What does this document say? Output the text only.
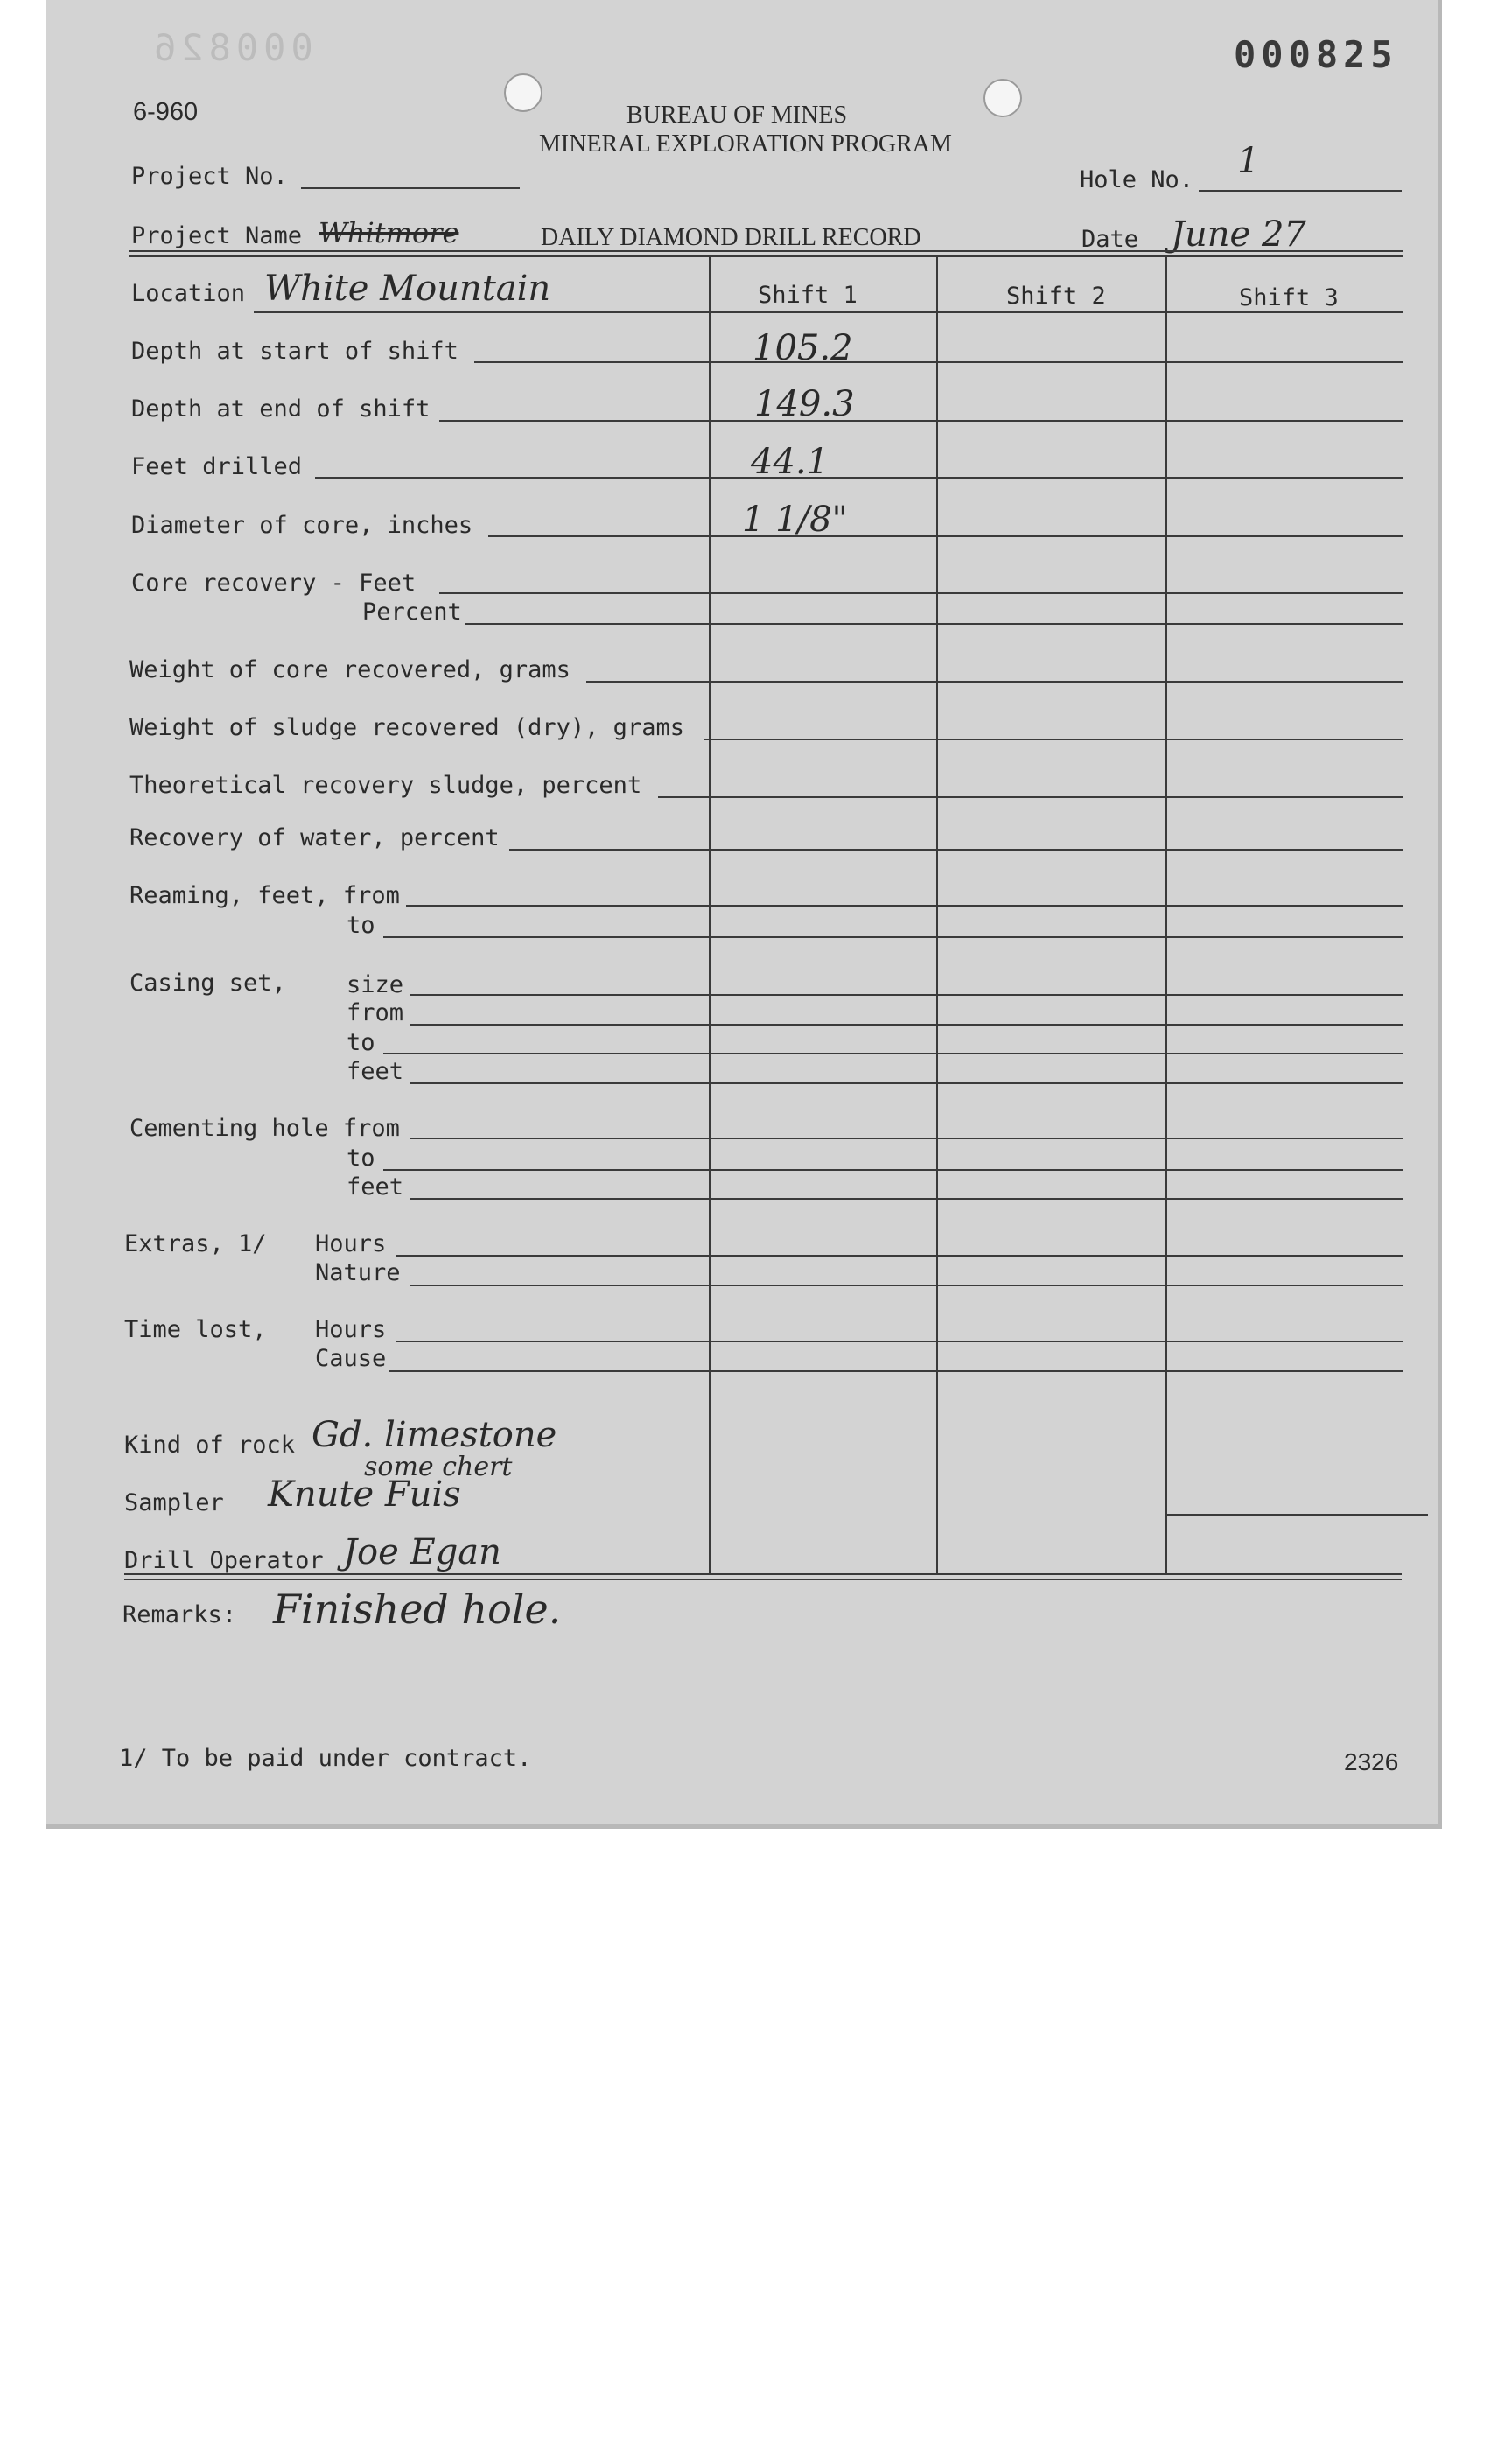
000826	000825
6-960	BUREAU OF MINES
MINERAL EXPLORATION PROGRAM
Project No.	Hole No. 1
Project Name Whitmore	DAILY DIAMOND DRILL RECORD	Date June 27
Location White Mountain	Shift 1	Shift 2	Shift 3
Depth at start of shift	105.2
Depth at end of shift	149.3
Feet drilled	44.1
Diameter of core, inches	1 1/8"
Core recovery - Feet
Percent
Weight of core recovered, grams
Weight of sludge recovered (dry), grams
Theoretical recovery sludge, percent
Recovery of water, percent
Reaming, feet, from
to
Casing set,	size
from
to
feet
Cementing hole from
to
feet
Extras, 1/ Hours
Nature
Time lost, Hours
Cause
Kind of rock Gd. limestone
some chert
Sampler Knute Fuis
Drill Operator Joe Egan
Remarks: Finished hole.
1/ To be paid under contract.	2326
